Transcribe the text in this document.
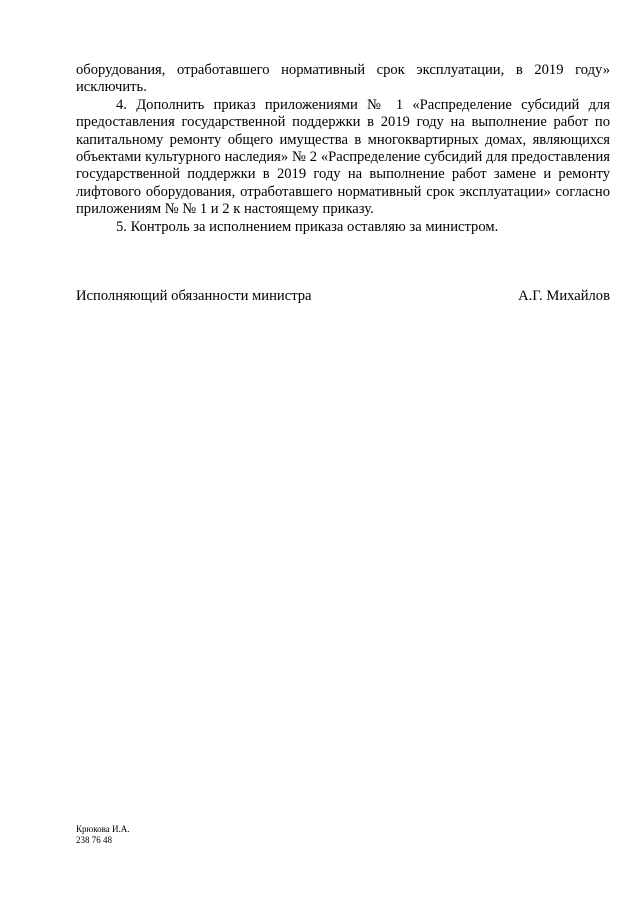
оборудования, отработавшего нормативный срок эксплуатации, в 2019 году» исключить.

4. Дополнить приказ приложениями № 1 «Распределение субсидий для предоставления государственной поддержки в 2019 году на выполнение работ по капитальному ремонту общего имущества в многоквартирных домах, являющихся объектами культурного наследия» № 2 «Распределение субсидий для предоставления государственной поддержки в 2019 году на выполнение работ замене и ремонту лифтового оборудования, отработавшего нормативный срок эксплуатации» согласно приложениям № № 1 и 2 к настоящему приказу.

5. Контроль за исполнением приказа оставляю за министром.

Исполняющий обязанности министра	А.Г. Михайлов
Крюкова И.А.
238 76 48
